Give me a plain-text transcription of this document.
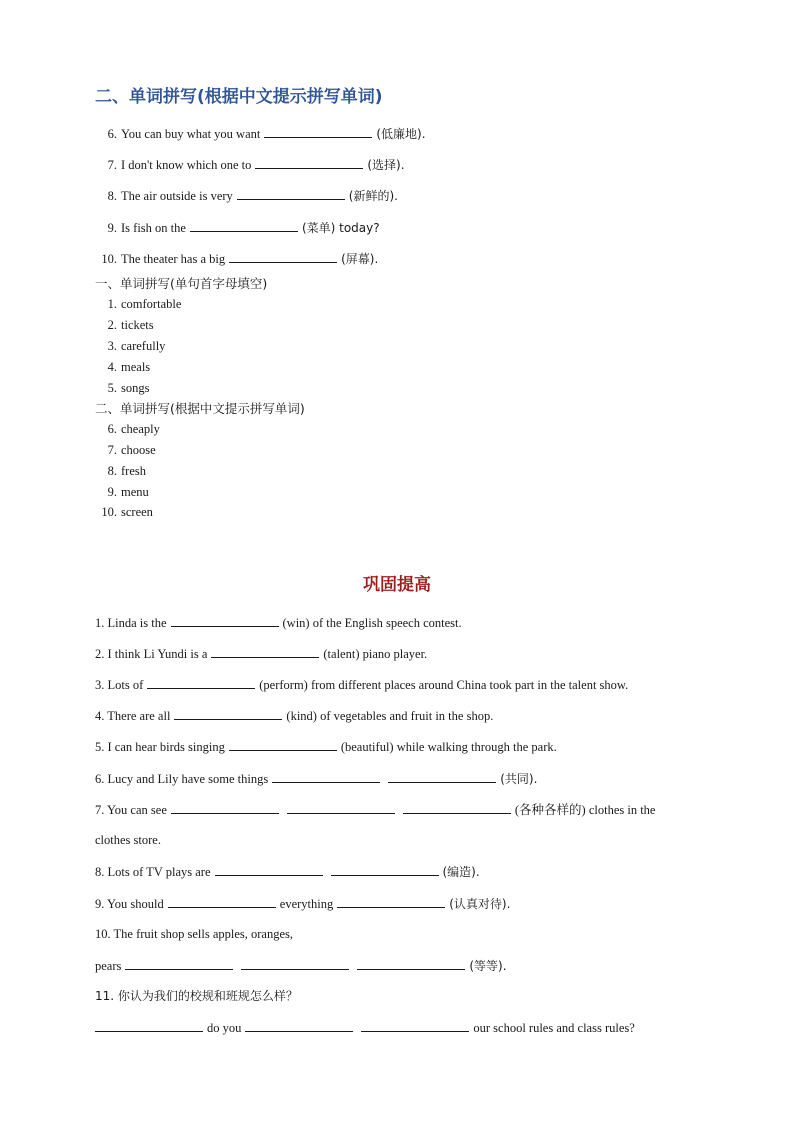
二、单词拼写(根据中文提示拼写单词)
6. You can buy what you want	(低廉地).
7. I don't know which one to	(选择).
8. The air outside is very	(新鲜的).
9. Is fish on the	(菜单) today?
10. The theater has a big	(屏幕).
一、单词拼写(单句首字母填空)
1. comfortable
2. tickets
3. carefully
4. meals
5. songs
二、单词拼写(根据中文提示拼写单词)
6. cheaply
7. choose
8. fresh
9. menu
10. screen
巩固提高
1. Linda is the	(win) of the English speech contest.
2. I think Li Yundi is a	(talent) piano player.
3. Lots of	(perform) from different places around China took part in the talent show.
4. There are all	(kind) of vegetables and fruit in the shop.
5. I can hear birds singing	(beautiful) while walking through the park.
6. Lucy and Lily have some things	(共同).
7. You can see	(各种各样的) clothes in the
clothes store.
8. Lots of TV plays are	(编造).
9. You should	everything	(认真对待).
10. The fruit shop sells apples, oranges,
pears	(等等).
11. 你认为我们的校规和班规怎么样？
do you	our school rules and class rules?
